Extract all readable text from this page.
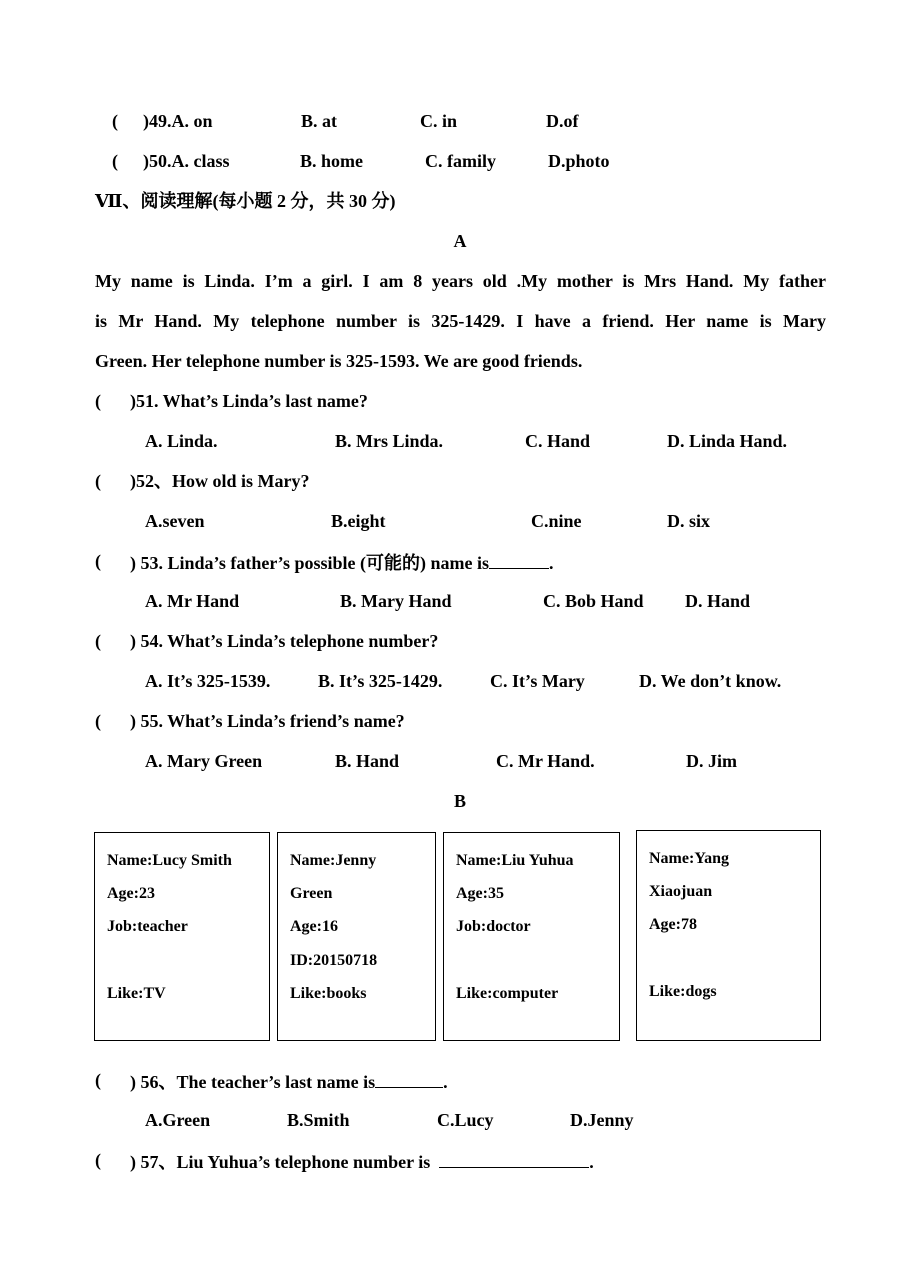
( )49.A. on	B. at	C. in	D.of
( )50.A. class	B. home	C. family	D.photo
Ⅶ、阅读理解(每小题 2 分，共 30 分)
A
My name is Linda. I’m a girl. I am 8 years old .My mother is Mrs Hand. My father
is Mr Hand. My telephone number is 325-1429. I have a friend. Her name is Mary
Green. Her telephone number is 325-1593. We are good friends.
( )51. What’s Linda’s last name?
A. Linda.	B. Mrs Linda.	C. Hand	D. Linda Hand.
( )52、How old is Mary?
A.seven	B.eight	C.nine	D. six
( ) 53. Linda’s father’s possible (可能的) name is	.
A. Mr Hand	B. Mary Hand	C. Bob Hand D. Hand
( ) 54. What’s Linda’s telephone number?
A. It’s 325-1539.	B. It’s 325-1429.	C. It’s Mary	D. We don’t know.
( ) 55. What’s Linda’s friend’s name?
A. Mary Green	B. Hand	C. Mr Hand.	D. Jim
B
Name:Lucy Smith
Age:23
Job:teacher
Like:TV
Name:Jenny
Green
Age:16
ID:20150718
Like:books
Name:Liu Yuhua
Age:35
Job:doctor
Like:computer
Name:Yang
Xiaojuan
Age:78
Like:dogs
( ) 56、The teacher’s last name is	.
A.Green	B.Smith	C.Lucy	D.Jenny
( ) 57、Liu Yuhua’s telephone number is	.
